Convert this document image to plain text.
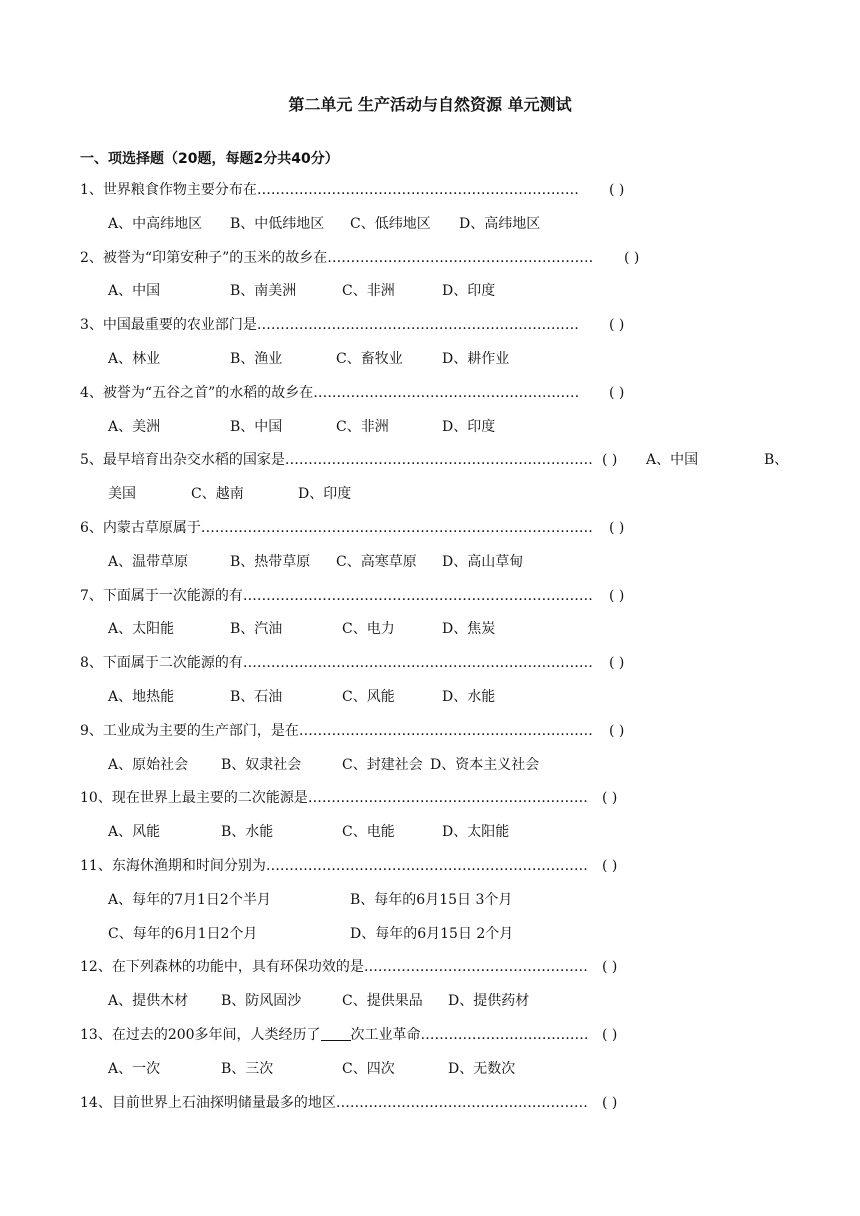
第二单元 生产活动与自然资源 单元测试
一、项选择题（20题，每题2分共40分）
1、世界粮食作物主要分布在…………………………………………………………… ( )
A、中高纬地区 B、中低纬地区 C、低纬地区 D、高纬地区
2、被誉为“印第安种子”的玉米的故乡在………………………………………………… ( )
A、中国	B、南美洲	C、非洲	D、印度
3、中国最重要的农业部门是…………………………………………………………… ( )
A、林业	B、渔业	C、畜牧业	D、耕作业
4、被誉为“五谷之首”的水稻的故乡在………………………………………………… ( )
A、美洲	B、中国	C、非洲	D、印度
5、最早培育出杂交水稻的国家是………………………………………………………… ( ) A、中国	B、
美国	C、越南	D、印度
6、内蒙古草原属于………………………………………………………………………… ( )
A、温带草原	B、热带草原 C、高寒草原 D、高山草甸
7、下面属于一次能源的有………………………………………………………………… ( )
A、太阳能	B、汽油	C、电力	D、焦炭
8、下面属于二次能源的有………………………………………………………………… ( )
A、地热能	B、石油	C、风能	D、水能
9、工业成为主要的生产部门，是在……………………………………………………… ( )
A、原始社会 B、奴隶社会	C、封建社会 D、资本主义社会
10、现在世界上最主要的二次能源是…………………………………………………… ( )
A、风能	B、水能	C、电能	D、太阳能
11、东海休渔期和时间分别为…………………………………………………………… ( )
A、每年的7月1日2个半月	B、每年的6月15日 3个月
C、每年的6月1日2个月	D、每年的6月15日 2个月
12、在下列森林的功能中，具有环保功效的是………………………………………… ( )
A、提供木材 B、防风固沙	C、提供果品 D、提供药材
13、在过去的200多年间，人类经历了 次工业革命……………………………… ( )
A、一次	B、三次	C、四次	D、无数次
14、目前世界上石油探明储量最多的地区……………………………………………… ( )
